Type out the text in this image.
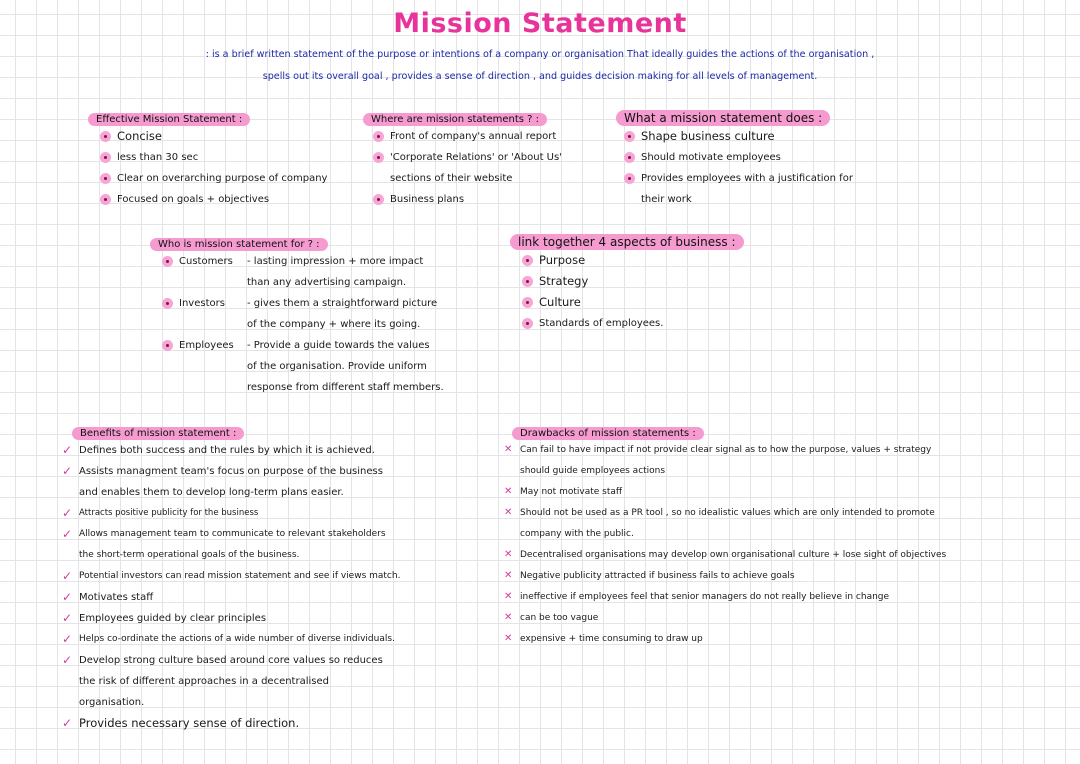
Mission Statement
: is a brief written statement of the purpose or intentions of a company or organisation That ideally guides the actions of the organisation ,
spells out its overall goal , provides a sense of direction , and guides decision making for all levels of management.
Effective Mission Statement :
Concise
less than 30 sec
Clear on overarching purpose of company
Focused on goals + objectives
Where are mission statements ? :
Front of company's annual report
'Corporate Relations' or 'About Us'
sections of their website
Business plans
What a mission statement does :
Shape business culture
Should motivate employees
Provides employees with a justification for
their work
Who is mission statement for ? :
Customers	- lasting impression + more impact
than any advertising campaign.
Investors	- gives them a straightforward picture
of the company + where its going.
Employees	- Provide a guide towards the values
of the organisation. Provide uniform
response from different staff members.
link together 4 aspects of business :
Purpose
Strategy
Culture
Standards of employees.
Benefits of mission statement :
✓ Defines both success and the rules by which it is achieved.
✓ Assists managment team's focus on purpose of the business
and enables them to develop long-term plans easier.
✓ Attracts positive publicity for the business
✓ Allows management team to communicate to relevant stakeholders
the short-term operational goals of the business.
✓ Potential investors can read mission statement and see if views match.
✓ Motivates staff
✓ Employees guided by clear principles
✓ Helps co-ordinate the actions of a wide number of diverse individuals.
✓ Develop strong culture based around core values so reduces
the risk of different approaches in a decentralised
organisation.
✓ Provides necessary sense of direction.
Drawbacks of mission statements :
✕ Can fail to have impact if not provide clear signal as to how the purpose, values + strategy
should guide employees actions
✕ May not motivate staff
✕ Should not be used as a PR tool , so no idealistic values which are only intended to promote
company with the public.
✕ Decentralised organisations may develop own organisational culture + lose sight of objectives
✕ Negative publicity attracted if business fails to achieve goals
✕ ineffective if employees feel that senior managers do not really believe in change
✕ can be too vague
✕ expensive + time consuming to draw up
